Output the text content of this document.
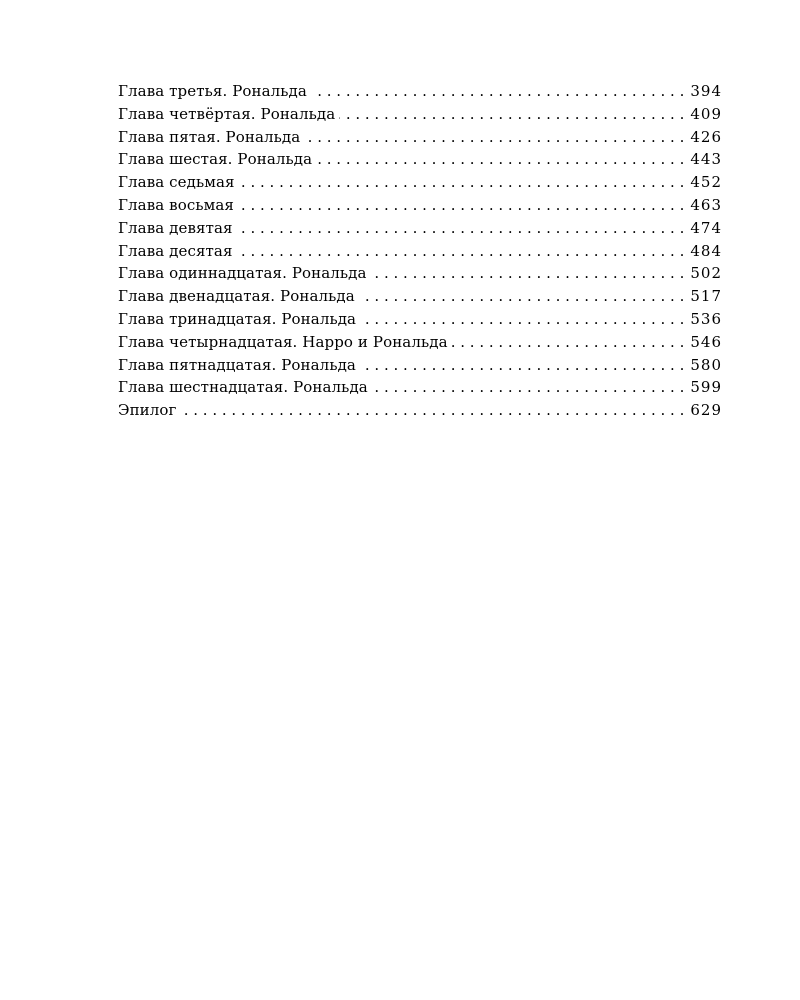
Глава третья. Рональда . . .	394
Глава четвёртая. Рональда . . .	409
Глава пятая. Рональда . . .	426
Глава шестая. Рональда . . .	443
Глава седьмая . . .	452
Глава восьмая . . .	463
Глава девятая . . .	474
Глава десятая . . .	484
Глава одиннадцатая. Рональда . . .	502
Глава двенадцатая. Рональда . . .	517
Глава тринадцатая. Рональда . . .	536
Глава четырнадцатая. Нарро и Рональда . . .	546
Глава пятнадцатая. Рональда . . .	580
Глава шестнадцатая. Рональда . . .	599
Эпилог . . .	629
